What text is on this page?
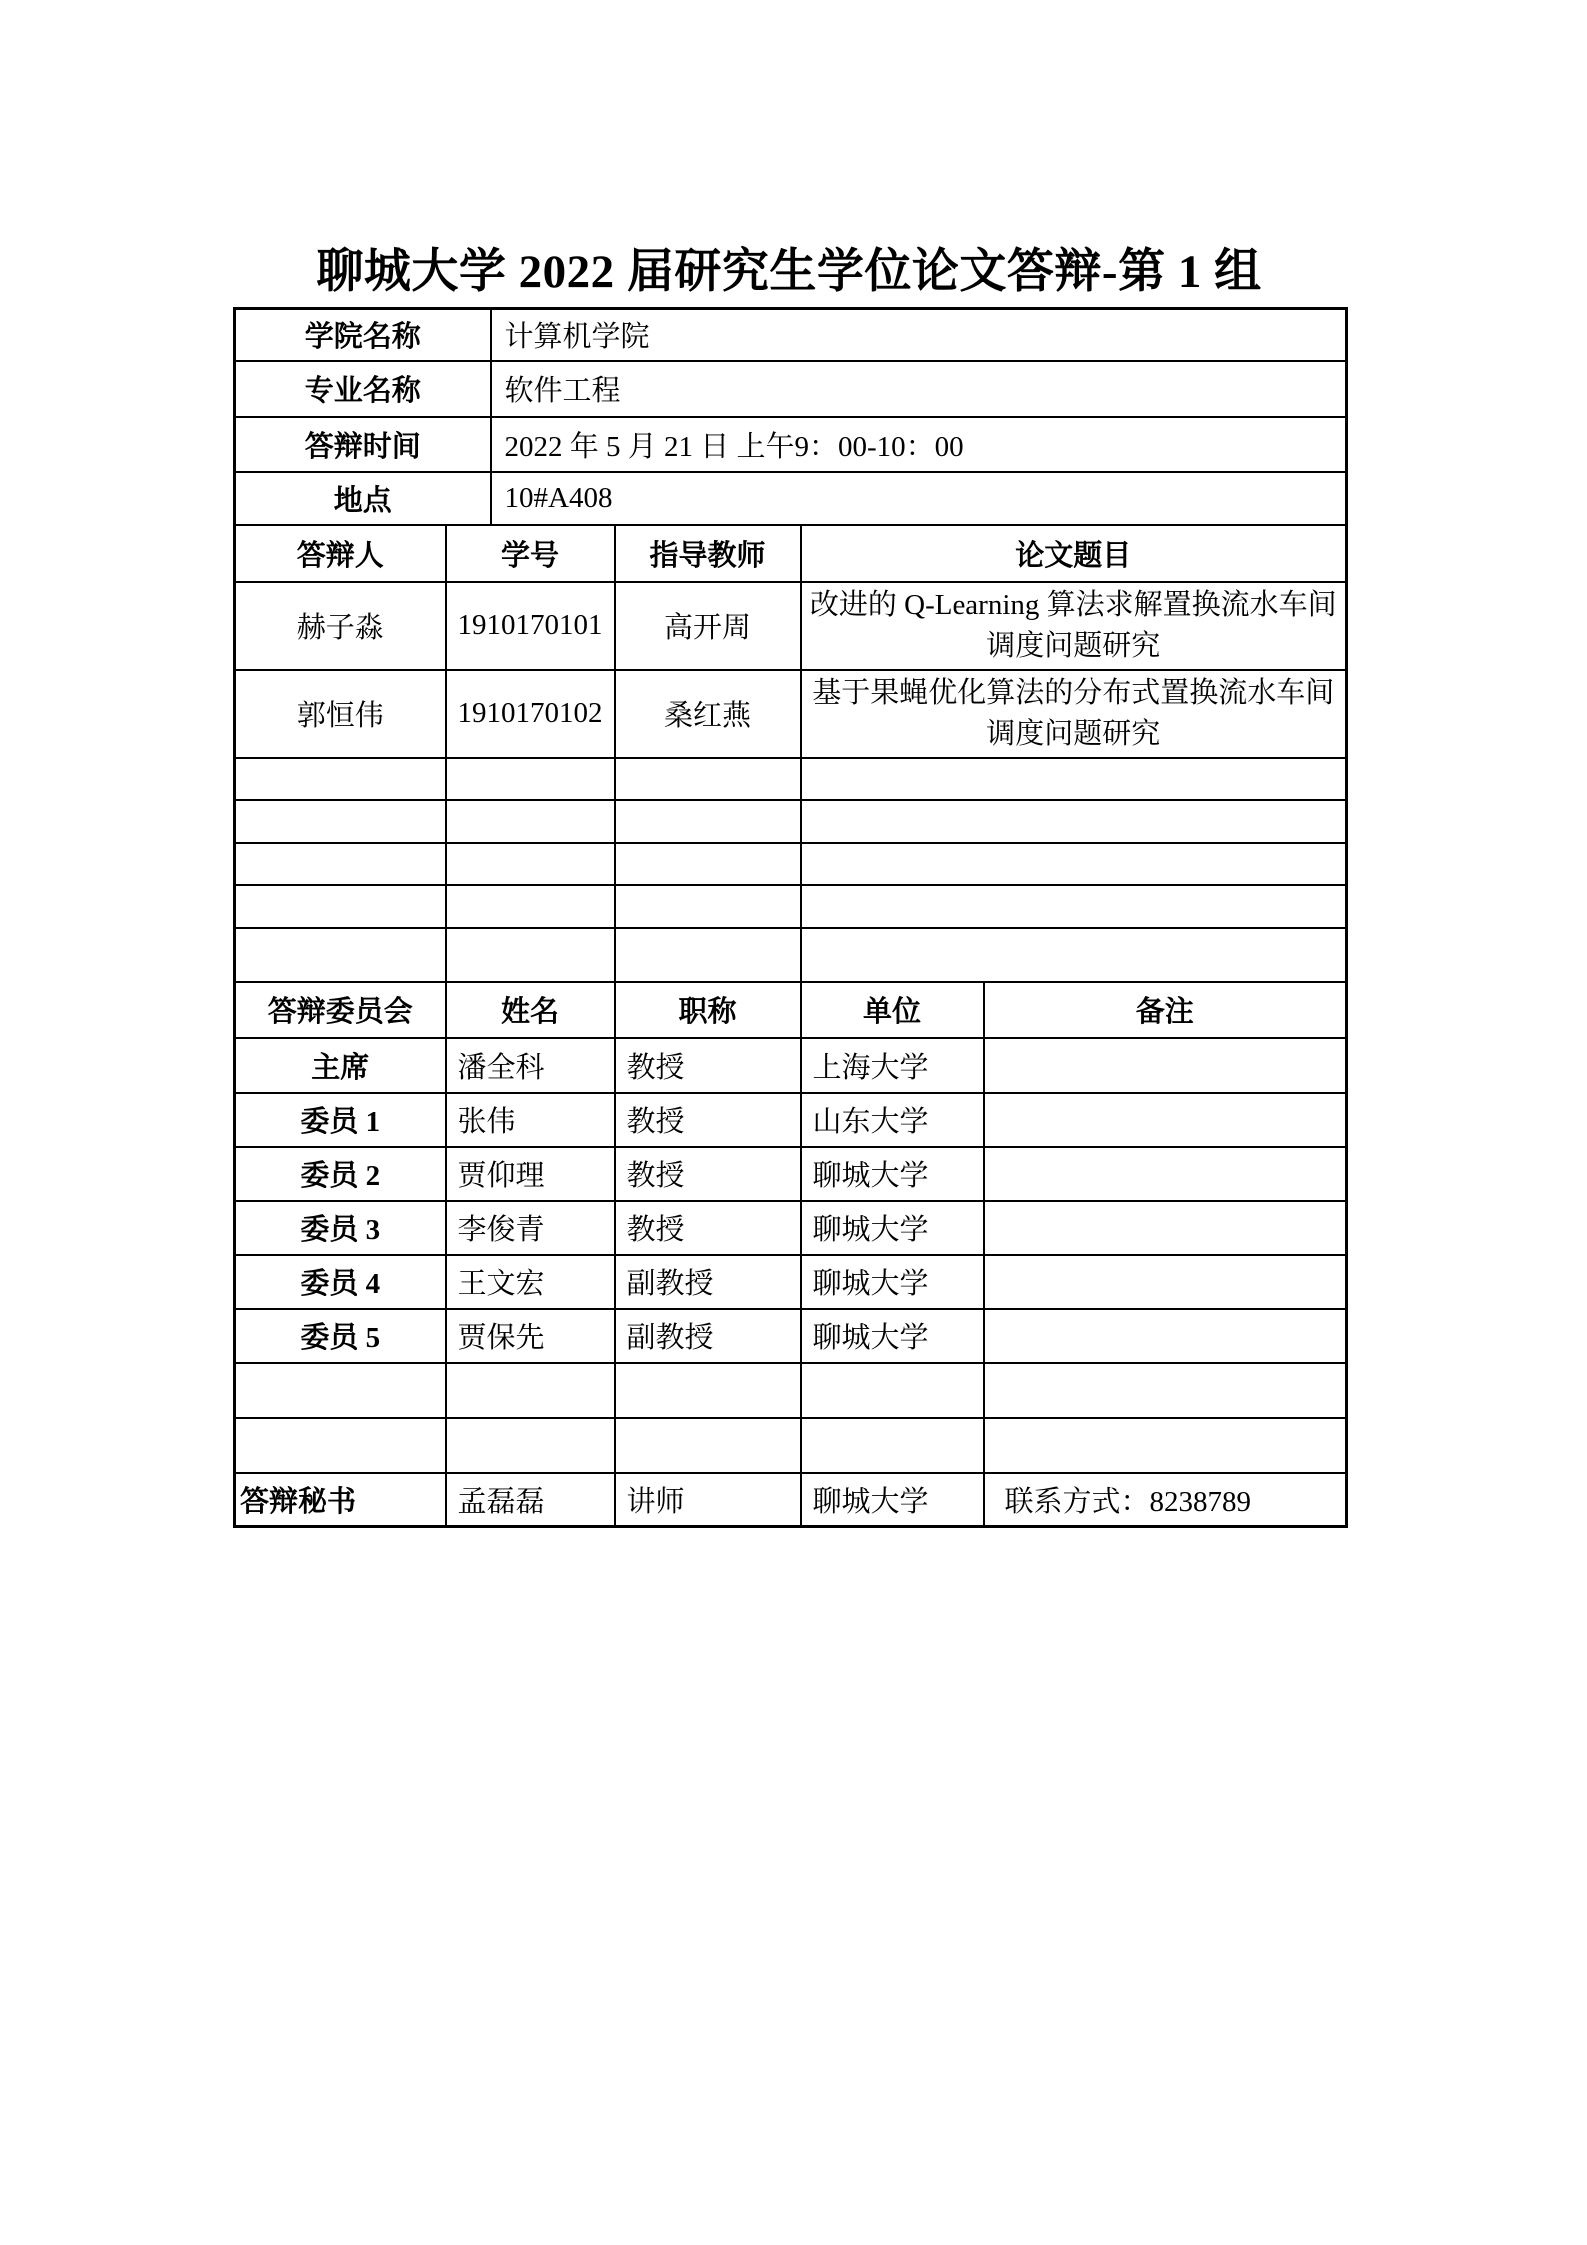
聊城大学 2022 届研究生学位论文答辩-第 1 组
学院名称		计算机学院			
专业名称		软件工程			
答辩时间		2022 年 5 月 21 日 上午9：00-10：00			
地点		10#A408			
答辩人	学号		指导教师	论文题目	
赫子淼	1910170101		高开周	改进的 Q-Learning 算法求解置换流水车间调度问题研究	
郭恒伟	1910170102		桑红燕	基于果蝇优化算法的分布式置换流水车间调度问题研究	

答辩委员会	姓名		职称	单位	备注
主席	潘全科		教授	上海大学	
委员 1	张伟		教授	山东大学	
委员 2	贾仰理		教授	聊城大学	
委员 3	李俊青		教授	聊城大学	
委员 4	王文宏		副教授	聊城大学	
委员 5	贾保先		副教授	聊城大学	

答辩秘书	孟磊磊		讲师	聊城大学	联系方式：8238789
